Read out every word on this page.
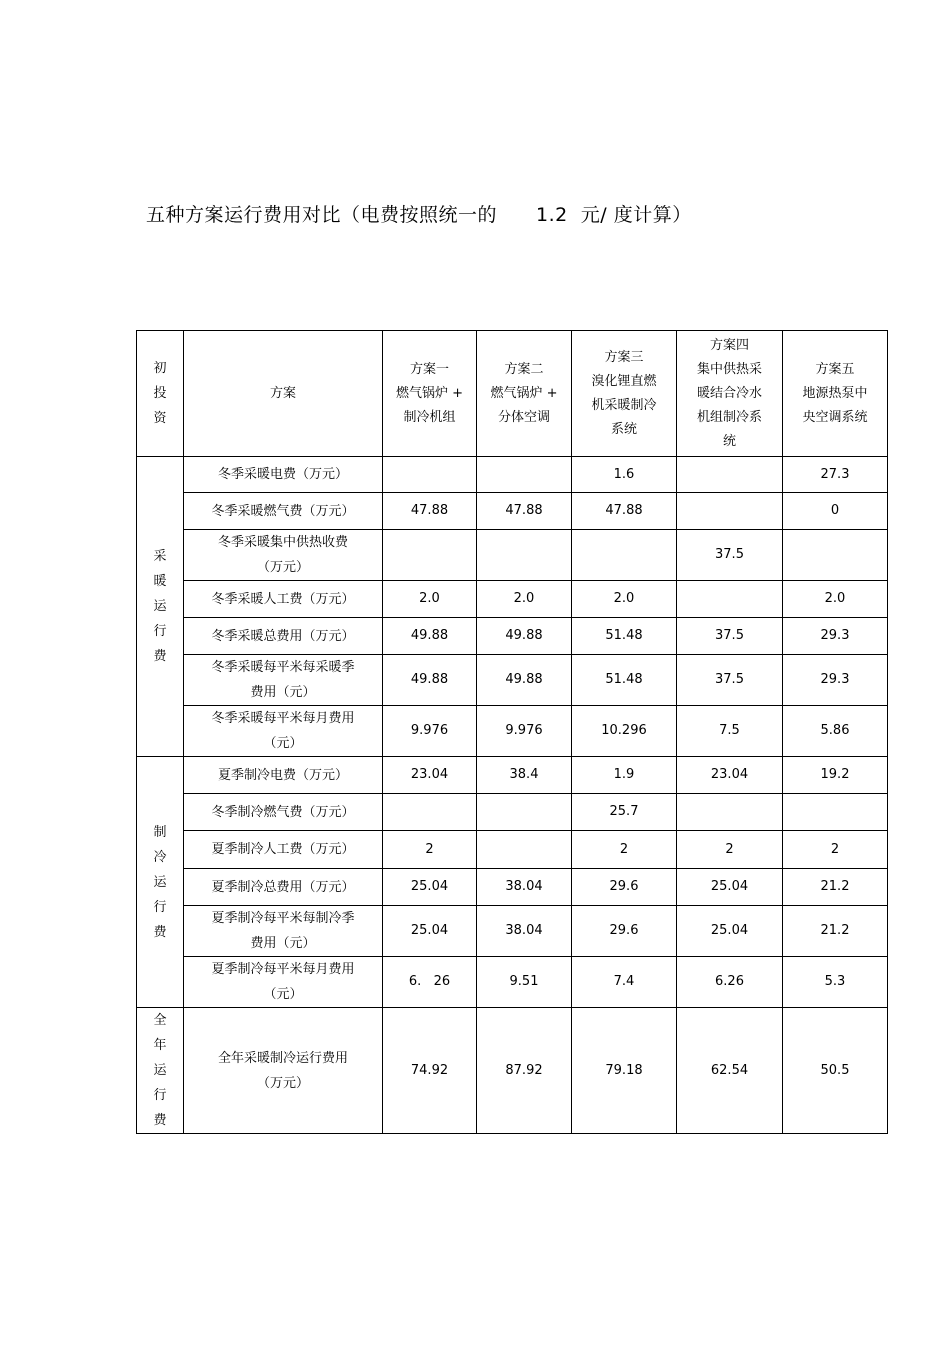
五种方案运行费用对比（电费按照统一的　　1.2  元/ 度计算）
初投资	方案	方案一
燃气锅炉 +
制冷机组	方案二
燃气锅炉 +
分体空调	方案三
溴化锂直燃
机采暖制冷
系统	方案四
集中供热采
暖结合冷水
机组制冷系
统	方案五
地源热泵中
央空调系统
采暖运行费	冬季采暖电费（万元）			1.6		27.3
	冬季采暖燃气费（万元）	47.88	47.88	47.88		0
	冬季采暖集中供热收费
（万元）				37.5	
	冬季采暖人工费（万元）	2.0	2.0	2.0		2.0
	冬季采暖总费用（万元）	49.88	49.88	51.48	37.5	29.3
	冬季采暖每平米每采暖季
费用（元）	49.88	49.88	51.48	37.5	29.3
	冬季采暖每平米每月费用
（元）	9.976	9.976	10.296	7.5	5.86
制冷运行费	夏季制冷电费（万元）	23.04	38.4	1.9	23.04	19.2
	冬季制冷燃气费（万元）			25.7		
	夏季制冷人工费（万元）	2		2	2	2
	夏季制冷总费用（万元）	25.04	38.04	29.6	25.04	21.2
	夏季制冷每平米每制冷季
费用（元）	25.04	38.04	29.6	25.04	21.2
	夏季制冷每平米每月费用
（元）	6.   26	9.51	7.4	6.26	5.3
全年运行费	全年采暖制冷运行费用
（万元）	74.92	87.92	79.18	62.54	50.5
